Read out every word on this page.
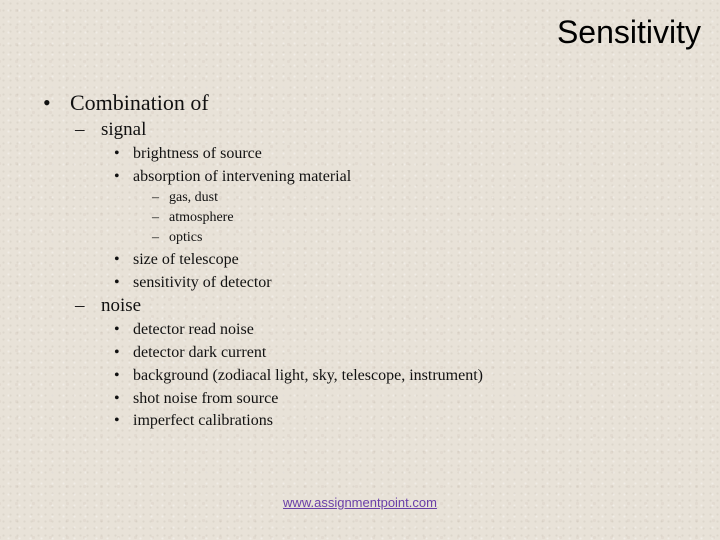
Sensitivity
• Combination of
– signal
• brightness of source
• absorption of intervening material
– gas, dust
– atmosphere
– optics
• size of telescope
• sensitivity of detector
– noise
• detector read noise
• detector dark current
• background (zodiacal light, sky, telescope, instrument)
• shot noise from source
• imperfect calibrations
www.assignmentpoint.com
